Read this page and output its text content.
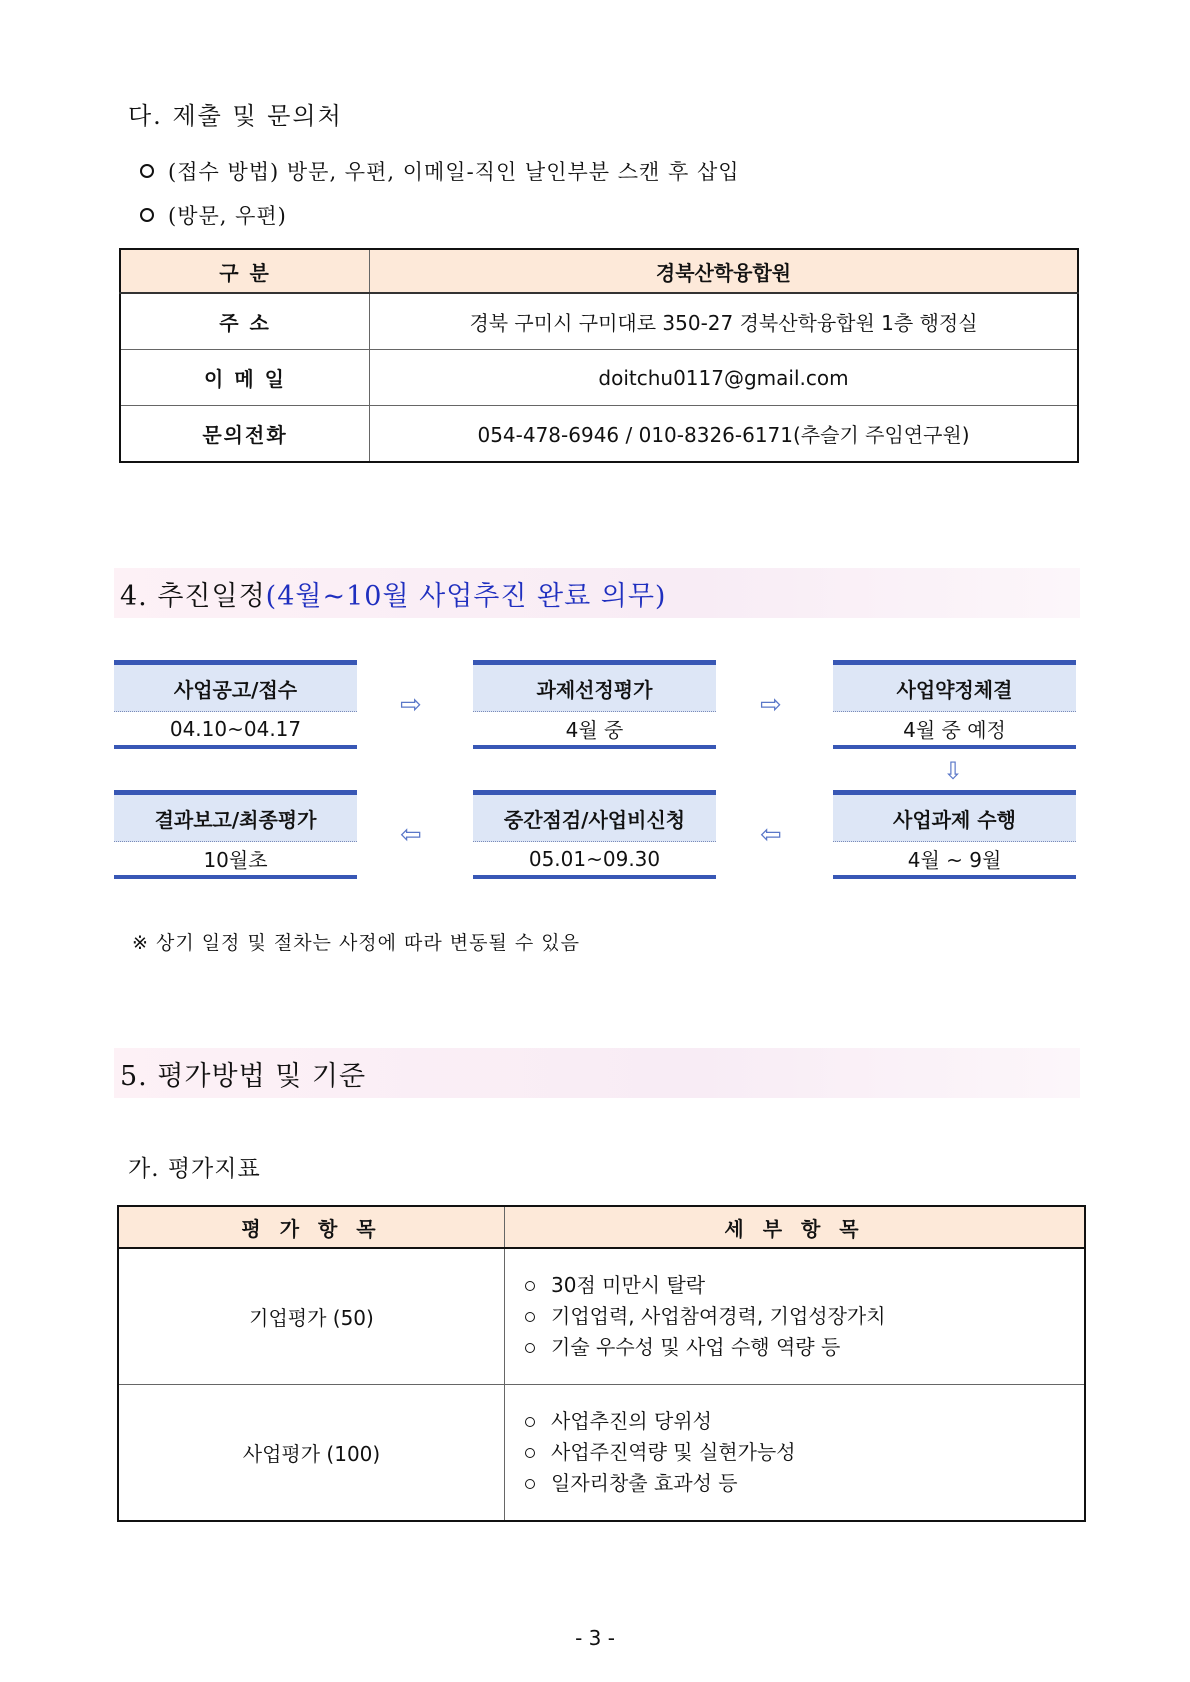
다. 제출 및 문의처
(접수 방법) 방문, 우편, 이메일-직인 날인부분 스캔 후 삽입
(방문, 우편)
구 분	경북산학융합원
주 소	경북 구미시 구미대로 350-27 경북산학융합원 1층 행정실
이 메 일	doitchu0117@gmail.com
문의전화	054-478-6946 / 010-8326-6171(추슬기 주임연구원)
4. 추진일정(4월~10월 사업추진 완료 의무)
사업공고/접수
04.10~04.17
⇨
과제선정평가
4월 중
⇨
사업약정체결
4월 중 예정
⇩
결과보고/최종평가
10월초
⇦
중간점검/사업비신청
05.01~09.30
⇦
사업과제 수행
4월 ~ 9월
※ 상기 일정 및 절차는 사정에 따라 변동될 수 있음
5. 평가방법 및 기준
가. 평가지표
평 가 항 목	세 부 항 목
기업평가 (50)	30점 미만시 탈락
기업업력, 사업참여경력, 기업성장가치
기술 우수성 및 사업 수행 역량 등

사업평가 (100)	사업추진의 당위성
사업주진역량 및 실현가능성
일자리창출 효과성 등
- 3 -
